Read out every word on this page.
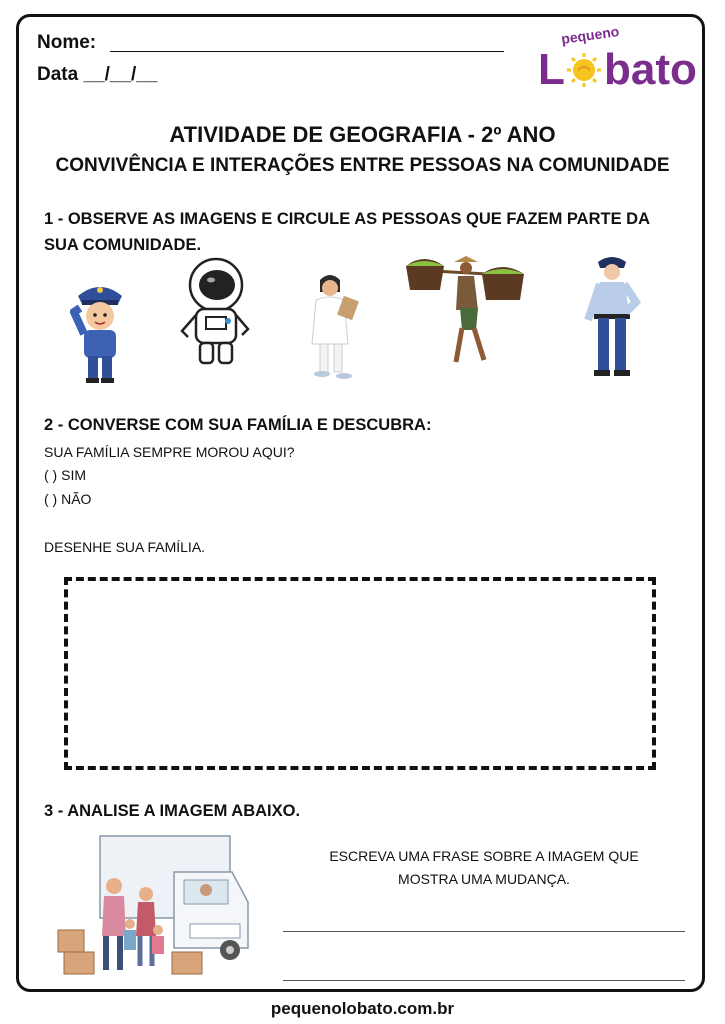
Nome:
Data __/__/__
pequeno
L bato
ATIVIDADE DE GEOGRAFIA - 2º ANO
CONVIVÊNCIA E INTERAÇÕES ENTRE PESSOAS NA COMUNIDADE
1 - OBSERVE AS IMAGENS E CIRCULE AS PESSOAS QUE FAZEM PARTE DA SUA COMUNIDADE.
2 - CONVERSE COM SUA FAMÍLIA E DESCUBRA:
SUA FAMÍLIA SEMPRE MOROU AQUI?
( ) SIM
( ) NÃO
DESENHE SUA FAMÍLIA.
3 - ANALISE A IMAGEM ABAIXO.
ESCREVA UMA FRASE SOBRE A IMAGEM QUE MOSTRA UMA MUDANÇA.
pequenolobato.com.br
